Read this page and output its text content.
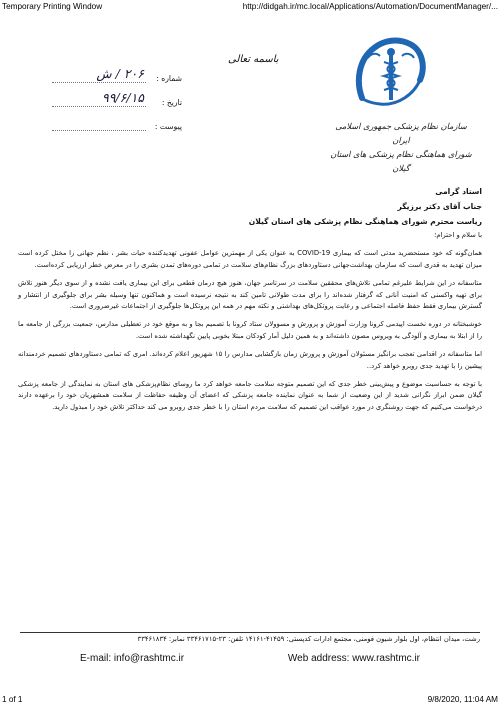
Temporary Printing Window	http://didgah.ir/mc.local/Applications/Automation/DocumentManager/...
سازمان نظام پزشکی جمهوری اسلامی ایران
شورای هماهنگی نظام پزشکی های استان گیلان
باسمه تعالی
شماره :
۲۰۶ / ش
تاریخ :
۹۹/۶/۱۵
پیوست :

استاد گرامی

جناب آقای دکتر برزیگر

ریاست محترم شورای هماهنگی نظام پزشکی های استان گیلان

با سلام و احترام؛

همان‌گونه که خود مستحضرید مدتی است که بیماری COVID-19 به عنوان یکی از مهمترین عوامل عفونی تهدیدکننده حیات بشر ، نظم جهانی را مختل کرده است میزان تهدید به قدری است که سازمان بهداشت‌جهانی دستاوردهای بزرگ نظام‌های سلامت در تمامی دوره‌های تمدن بشری را در معرض خطر ارزیابی کرده‌است.

متاسفانه در این شرایط علیرغم تمامی تلاش‌های محققین سلامت در سرتاسر جهان، هنوز هیچ درمان قطعی برای این بیماری یافت نشده و از سوی دیگر هنوز تلاش برای تهیه واکسنی که امنیت آنانی که گرفتار شده‌اند را برای مدت طولانی تامین کند به نتیجه نرسیده است و هماکنون تنها وسیله بشر برای جلوگیری از انتشار و گسترش بیماری فقط حفظ فاصله اجتماعی و رعایت پروتکل‌های بهداشتی و نکته مهم در همه این پروتکل‌ها جلوگیری از اجتماعات غیرضروری است.

خوشبختانه در دوره نخست اپیدمی کرونا وزارت آموزش و پرورش و مسوولان ستاد کرونا با تصمیم بجا و به موقع خود در تعطیلی مدارس، جمعیت بزرگی از جامعه ما را از ابتلا به بیماری و آلودگی به ویروس مصون داشته‌اند و به همین دلیل آمار کودکان مبتلا بخوبی پایین نگهداشته شده است.

اما متاسفانه در اقدامی تعجب برانگیز مسئولان آموزش و پرورش زمان بازگشایی مدارس را ۱۵ شهریور اعلام کرده‌اند. امری که تمامی دستاوردهای تصمیم خردمندانه پیشین را با تهدید جدی روبرو خواهد کرد..

با توجه به حساسیت موضوع و پیش‌بینی خطر جدی که این تصمیم متوجه سلامت جامعه خواهد کرد ما روسای نظام‌پزشکی های استان به نمایندگی از جامعه پزشکی گیلان ضمن ابراز نگرانی شدید از این وضعیت از شما به عنوان نماینده جامعه پزشکی که اعضای آن وظیفه حفاظت از سلامت همشهریان خود را برعهده دارند درخواست می‌کنیم که جهت روشنگری در مورد عواقب این تصمیم که سلامت مردم استان را با خطر جدی روبرو می کند حداکثر تلاش خود را مبذول دارید.

رشت، میدان انتظام، اول بلوار شیون فومنی، مجتمع ادارات کدپستی: ۴۱۴۵۹-۱۴۱۶۱ تلفن: ۲۳-۳۳۴۶۱۷۱۵ نمابر: ۳۳۴۶۱۸۳۴
Web address: www.rashtmc.ir
E-mail: info@rashtmc.ir
1 of 1	9/8/2020, 11:04 AM
